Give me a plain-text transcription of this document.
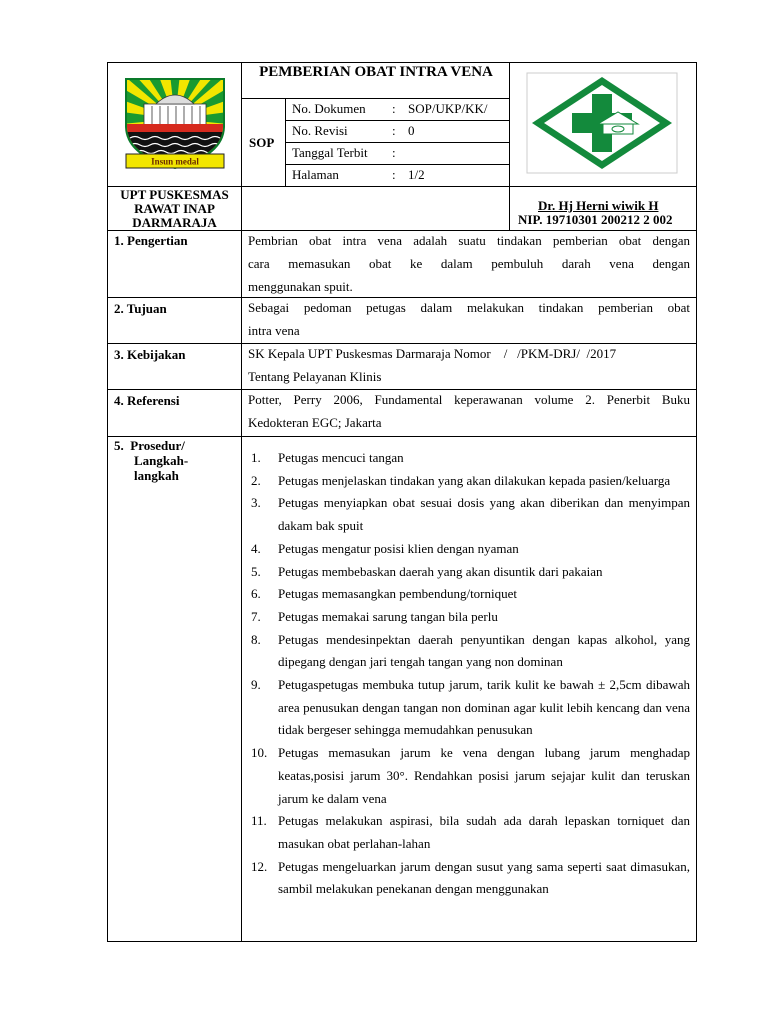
Insun medal
PEMBERIAN OBAT INTRA VENA
SOP
No. Dokumen : SOP/UKP/KK/
No. Revisi	: 0
Tanggal Terbit :
Halaman	: 1/2
UPT PUSKESMAS
RAWAT INAP
DARMARAJA
Dr. Hj Herni wiwik H
NIP. 19710301 200212 2 002
1. Pengertian	Pembrian obat intra vena adalah suatu tindakan pemberian obat dengan
cara memasukan obat ke dalam pembuluh darah vena dengan
menggunakan spuit.
2. Tujuan	Sebagai pedoman petugas dalam melakukan tindakan pemberian obat
intra vena
3. Kebijakan	SK Kepala UPT Puskesmas Darmaraja Nomor    /   /PKM-DRJ/  /2017
Tentang Pelayanan Klinis
4. Referensi	Potter, Perry 2006, Fundamental keperawanan volume 2. Penerbit Buku
Kedokteran EGC; Jakarta
5.  Prosedur/
Langkah-
langkah
1. Petugas mencuci tangan
2. Petugas menjelaskan tindakan yang akan dilakukan kepada pasien/keluarga
3. Petugas menyiapkan obat sesuai dosis yang akan diberikan dan menyimpan dakam bak spuit
4. Petugas mengatur posisi klien dengan nyaman
5. Petugas membebaskan daerah yang akan disuntik dari pakaian
6. Petugas memasangkan pembendung/torniquet
7. Petugas memakai sarung tangan bila perlu
8. Petugas mendesinpektan daerah penyuntikan dengan kapas alkohol, yang dipegang dengan jari tengah tangan yang non dominan
9. Petugaspetugas membuka tutup jarum, tarik kulit ke bawah ± 2,5cm dibawah area penusukan dengan tangan non dominan agar kulit lebih kencang dan vena tidak bergeser sehingga memudahkan penusukan
10. Petugas memasukan jarum ke vena dengan lubang jarum menghadap keatas,posisi jarum 30°. Rendahkan posisi jarum sejajar kulit dan teruskan jarum ke dalam vena
11. Petugas melakukan aspirasi, bila sudah ada darah lepaskan torniquet dan masukan obat perlahan-lahan
12. Petugas mengeluarkan jarum dengan susut yang sama seperti saat dimasukan, sambil melakukan penekanan dengan menggunakan
